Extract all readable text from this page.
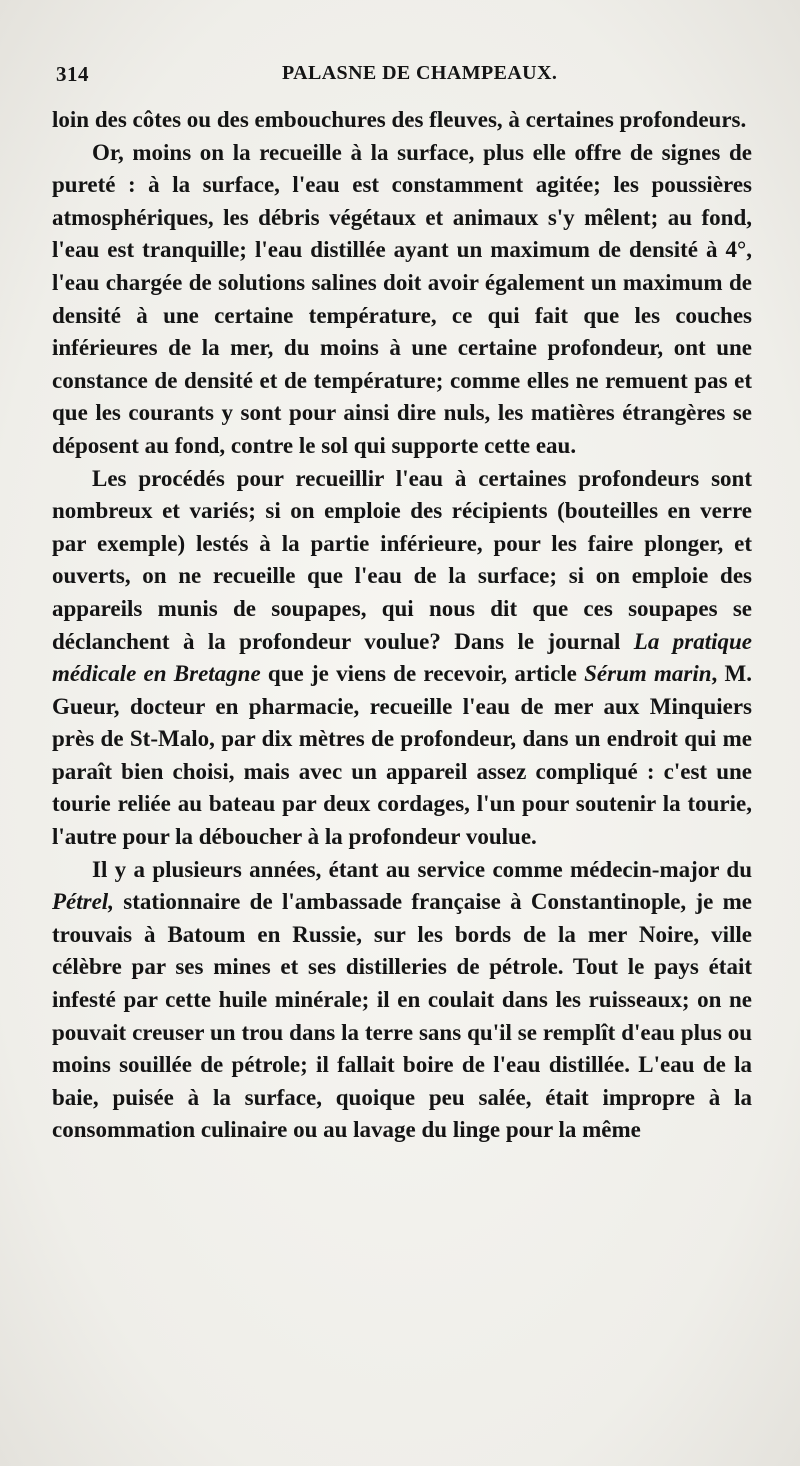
314	PALASNE DE CHAMPEAUX.

loin des côtes ou des embouchures des fleuves, à certaines profondeurs.

Or, moins on la recueille à la surface, plus elle offre de signes de pureté : à la surface, l'eau est constamment agitée; les poussières atmosphériques, les débris végétaux et animaux s'y mêlent; au fond, l'eau est tranquille; l'eau distillée ayant un maximum de densité à 4°, l'eau chargée de solutions salines doit avoir également un maximum de densité à une certaine température, ce qui fait que les couches inférieures de la mer, du moins à une certaine profondeur, ont une constance de densité et de température; comme elles ne remuent pas et que les courants y sont pour ainsi dire nuls, les matières étrangères se déposent au fond, contre le sol qui supporte cette eau.

Les procédés pour recueillir l'eau à certaines profondeurs sont nombreux et variés; si on emploie des récipients (bouteilles en verre par exemple) lestés à la partie inférieure, pour les faire plonger, et ouverts, on ne recueille que l'eau de la surface; si on emploie des appareils munis de soupapes, qui nous dit que ces soupapes se déclanchent à la profondeur voulue? Dans le journal La pratique médicale en Bretagne que je viens de recevoir, article Sérum marin, M. Gueur, docteur en pharmacie, recueille l'eau de mer aux Minquiers près de St-Malo, par dix mètres de profondeur, dans un endroit qui me paraît bien choisi, mais avec un appareil assez compliqué : c'est une tourie reliée au bateau par deux cordages, l'un pour soutenir la tourie, l'autre pour la déboucher à la profondeur voulue.

Il y a plusieurs années, étant au service comme médecin-major du Pétrel, stationnaire de l'ambassade française à Constantinople, je me trouvais à Batoum en Russie, sur les bords de la mer Noire, ville célèbre par ses mines et ses distilleries de pétrole. Tout le pays était infesté par cette huile minérale; il en coulait dans les ruisseaux; on ne pouvait creuser un trou dans la terre sans qu'il se remplît d'eau plus ou moins souillée de pétrole; il fallait boire de l'eau distillée. L'eau de la baie, puisée à la surface, quoique peu salée, était impropre à la consommation culinaire ou au lavage du linge pour la même
